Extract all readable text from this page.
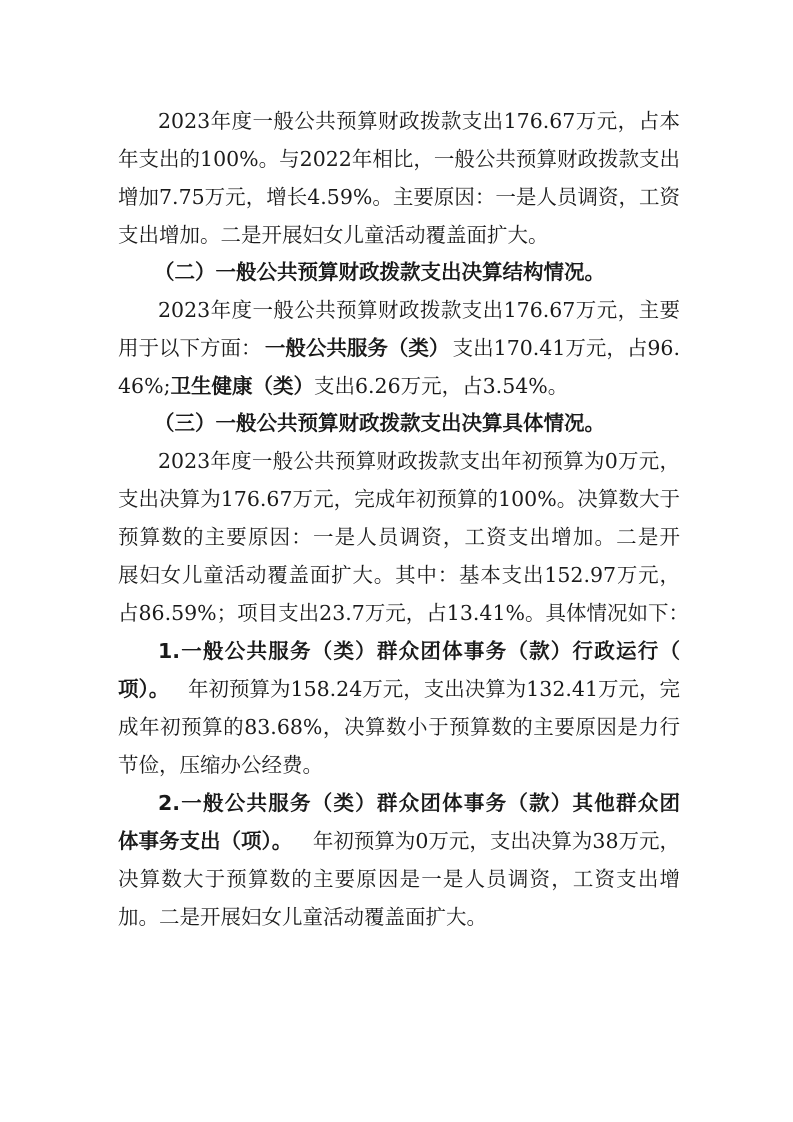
2023年度一般公共预算财政拨款支出176.67万元，占本
年支出的100%。与2022年相比，一般公共预算财政拨款支出
增加7.75万元，增长4.59%。主要原因：一是人员调资，工资
支出增加。二是开展妇女儿童活动覆盖面扩大。
（二）一般公共预算财政拨款支出决算结构情况。
2023年度一般公共预算财政拨款支出176.67万元，主要
用于以下方面： 一般公共服务（类） 支出170.41万元，占96.
46%;卫生健康（类）支出6.26万元，占3.54%。
（三）一般公共预算财政拨款支出决算具体情况。
2023年度一般公共预算财政拨款支出年初预算为0万元，
支出决算为176.67万元，完成年初预算的100%。决算数大于
预算数的主要原因：一是人员调资，工资支出增加。二是开
展妇女儿童活动覆盖面扩大。其中：基本支出152.97万元，
占86.59%；项目支出23.7万元，占13.41%。具体情况如下：
1.一般公共服务（类）群众团体事务（款）行政运行（
项）。 年初预算为158.24万元，支出决算为132.41万元，完
成年初预算的83.68%，决算数小于预算数的主要原因是力行
节俭，压缩办公经费。
2.一般公共服务（类）群众团体事务（款）其他群众团
体事务支出（项）。 年初预算为0万元，支出决算为38万元，
决算数大于预算数的主要原因是一是人员调资，工资支出增
加。二是开展妇女儿童活动覆盖面扩大。
